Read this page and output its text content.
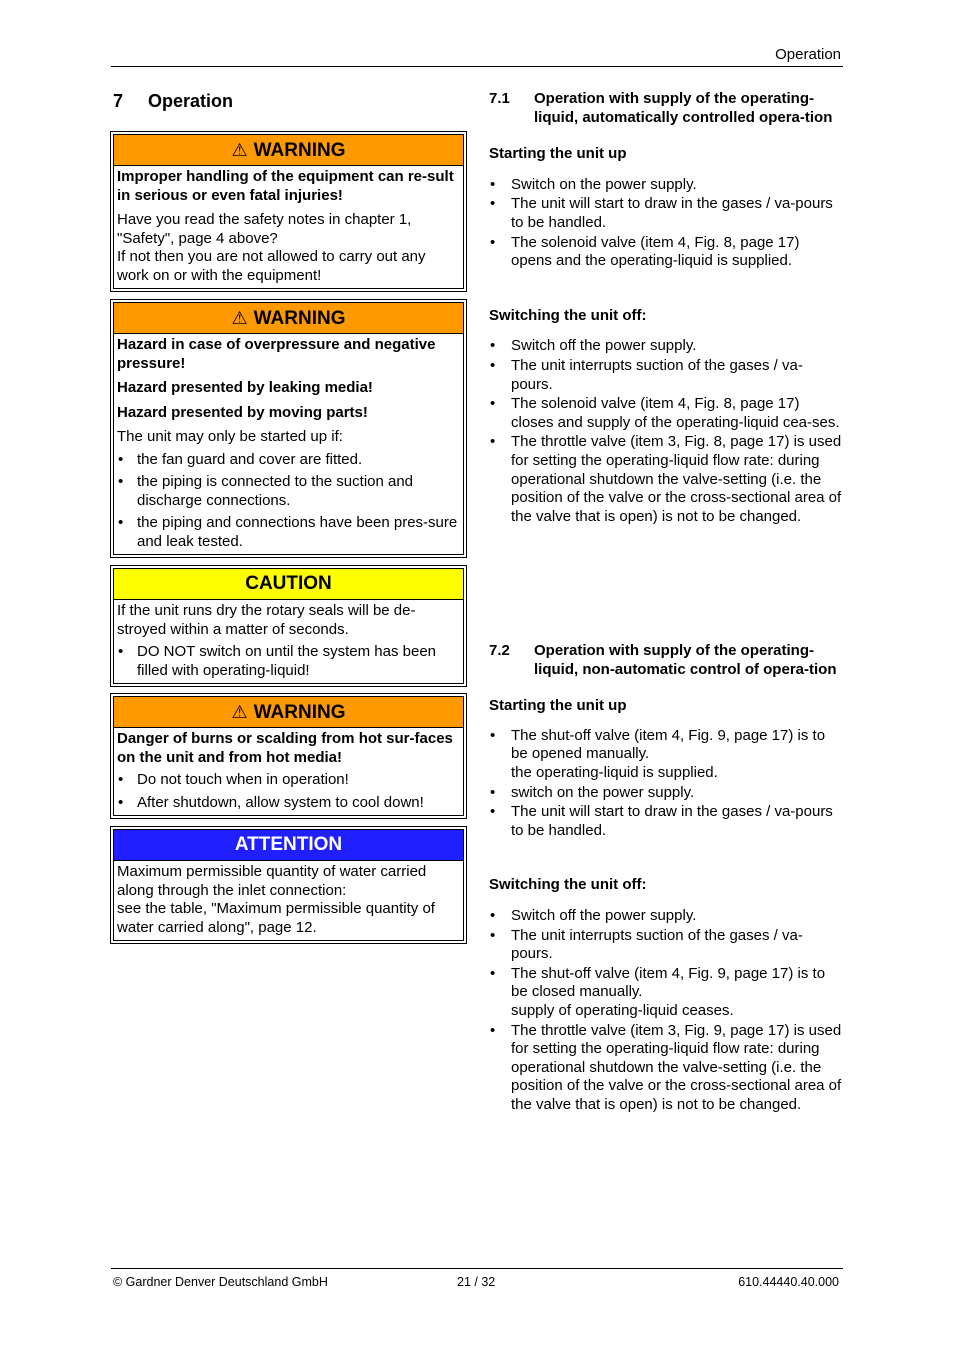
Operation
7 Operation
⚠ WARNING

Improper handling of the equipment can re-sult in serious or even fatal injuries!

Have you read the safety notes in chapter 1, "Safety", page 4 above?

If not then you are not allowed to carry out any work on or with the equipment!

⚠ WARNING

Hazard in case of overpressure and negative pressure!

Hazard presented by leaking media!

Hazard presented by moving parts!

The unit may only be started up if:

• the fan guard and cover are fitted.
• the piping is connected to the suction and discharge connections.
• the piping and connections have been pres-sure and leak tested.
CAUTION

If the unit runs dry the rotary seals will be de-stroyed within a matter of seconds.

• DO NOT switch on until the system has been filled with operating-liquid!
⚠ WARNING

Danger of burns or scalding from hot sur-faces on the unit and from hot media!

• Do not touch when in operation!
• After shutdown, allow system to cool down!
ATTENTION

Maximum permissible quantity of water carried along through the inlet connection:

see the table, "Maximum permissible quantity of water carried along", page 12.

7.1 Operation with supply of the operating-liquid, automatically controlled opera-tion
Starting the unit up
• Switch on the power supply.
• The unit will start to draw in the gases / va-pours to be handled.
• The solenoid valve (item 4, Fig. 8, page 17) opens and the operating-liquid is supplied.
Switching the unit off:
• Switch off the power supply.
• The unit interrupts suction of the gases / va-pours.
• The solenoid valve (item 4, Fig. 8, page 17) closes and supply of the operating-liquid cea-ses.
• The throttle valve (item 3, Fig. 8, page 17) is used for setting the operating-liquid flow rate: during operational shutdown the valve-setting (i.e. the position of the valve or the cross-sectional area of the valve that is open) is not to be changed.
7.2 Operation with supply of the operating-liquid, non-automatic control of opera-tion
Starting the unit up
• The shut-off valve (item 4, Fig. 9, page 17) is to be opened manually.
the operating-liquid is supplied.
• switch on the power supply.
• The unit will start to draw in the gases / va-pours to be handled.
Switching the unit off:
• Switch off the power supply.
• The unit interrupts suction of the gases / va-pours.
• The shut-off valve (item 4, Fig. 9, page 17) is to be closed manually.
supply of operating-liquid ceases.
• The throttle valve (item 3, Fig. 9, page 17) is used for setting the operating-liquid flow rate: during operational shutdown the valve-setting (i.e. the position of the valve or the cross-sectional area of the valve that is open) is not to be changed.
© Gardner Denver Deutschland GmbH	21 / 32	610.44440.40.000
